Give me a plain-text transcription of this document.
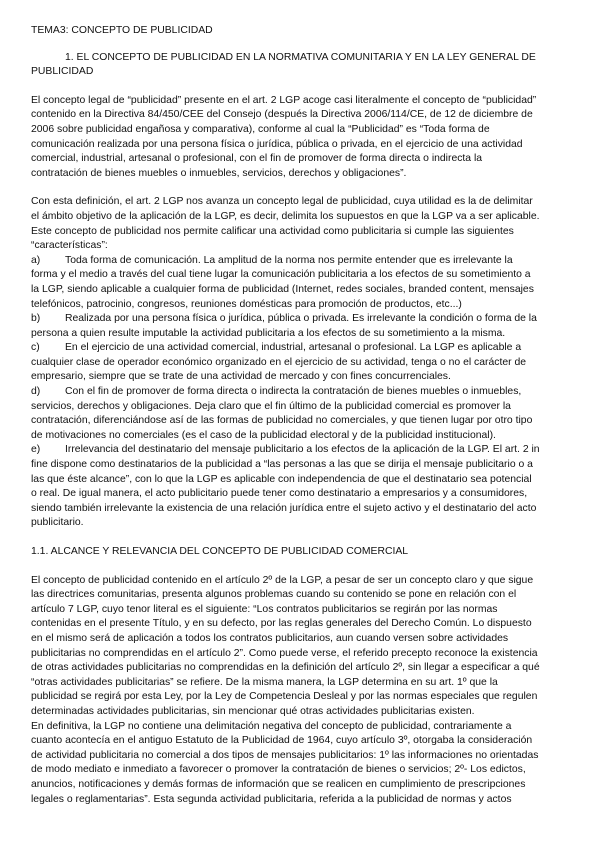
TEMA3: CONCEPTO DE PUBLICIDAD
1. EL CONCEPTO DE PUBLICIDAD EN LA NORMATIVA COMUNITARIA Y EN LA LEY GENERAL DE
PUBLICIDAD
El concepto legal de “publicidad” presente en el art. 2 LGP acoge casi literalmente el concepto de “publicidad”
contenido en la Directiva 84/450/CEE del Consejo (después la Directiva 2006/114/CE, de 12 de diciembre de
2006 sobre publicidad engañosa y comparativa), conforme al cual la “Publicidad” es “Toda forma de
comunicación realizada por una persona física o jurídica, pública o privada, en el ejercicio de una actividad
comercial, industrial, artesanal o profesional, con el fin de promover de forma directa o indirecta la
contratación de bienes muebles o inmuebles, servicios, derechos y obligaciones”.
Con esta definición, el art. 2 LGP nos avanza un concepto legal de publicidad, cuya utilidad es la de delimitar
el ámbito objetivo de la aplicación de la LGP, es decir, delimita los supuestos en que la LGP va a ser aplicable.
Este concepto de publicidad nos permite calificar una actividad como publicitaria si cumple las siguientes
“características”:
a) Toda forma de comunicación. La amplitud de la norma nos permite entender que es irrelevante la
forma y el medio a través del cual tiene lugar la comunicación publicitaria a los efectos de su sometimiento a
la LGP, siendo aplicable a cualquier forma de publicidad (Internet, redes sociales, branded content, mensajes
telefónicos, patrocinio, congresos, reuniones domésticas para promoción de productos, etc...)
b) Realizada por una persona física o jurídica, pública o privada. Es irrelevante la condición o forma de la
persona a quien resulte imputable la actividad publicitaria a los efectos de su sometimiento a la misma.
c) En el ejercicio de una actividad comercial, industrial, artesanal o profesional. La LGP es aplicable a
cualquier clase de operador económico organizado en el ejercicio de su actividad, tenga o no el carácter de
empresario, siempre que se trate de una actividad de mercado y con fines concurrenciales.
d) Con el fin de promover de forma directa o indirecta la contratación de bienes muebles o inmuebles,
servicios, derechos y obligaciones. Deja claro que el fin último de la publicidad comercial es promover la
contratación, diferenciándose así de las formas de publicidad no comerciales, y que tienen lugar por otro tipo
de motivaciones no comerciales (es el caso de la publicidad electoral y de la publicidad institucional).
e) Irrelevancia del destinatario del mensaje publicitario a los efectos de la aplicación de la LGP. El art. 2 in
fine dispone como destinatarios de la publicidad a “las personas a las que se dirija el mensaje publicitario o a
las que éste alcance”, con lo que la LGP es aplicable con independencia de que el destinatario sea potencial
o real. De igual manera, el acto publicitario puede tener como destinatario a empresarios y a consumidores,
siendo también irrelevante la existencia de una relación jurídica entre el sujeto activo y el destinatario del acto
publicitario.
1.1. ALCANCE Y RELEVANCIA DEL CONCEPTO DE PUBLICIDAD COMERCIAL
El concepto de publicidad contenido en el artículo 2º de la LGP, a pesar de ser un concepto claro y que sigue
las directrices comunitarias, presenta algunos problemas cuando su contenido se pone en relación con el
artículo 7 LGP, cuyo tenor literal es el siguiente: “Los contratos publicitarios se regirán por las normas
contenidas en el presente Título, y en su defecto, por las reglas generales del Derecho Común. Lo dispuesto
en el mismo será de aplicación a todos los contratos publicitarios, aun cuando versen sobre actividades
publicitarias no comprendidas en el artículo 2”. Como puede verse, el referido precepto reconoce la existencia
de otras actividades publicitarias no comprendidas en la definición del artículo 2º, sin llegar a especificar a qué
“otras actividades publicitarias” se refiere. De la misma manera, la LGP determina en su art. 1º que la
publicidad se regirá por esta Ley, por la Ley de Competencia Desleal y por las normas especiales que regulen
determinadas actividades publicitarias, sin mencionar qué otras actividades publicitarias existen.
En definitiva, la LGP no contiene una delimitación negativa del concepto de publicidad, contrariamente a
cuanto acontecía en el antiguo Estatuto de la Publicidad de 1964, cuyo artículo 3º, otorgaba la consideración
de actividad publicitaria no comercial a dos tipos de mensajes publicitarios: 1º las informaciones no orientadas
de modo mediato e inmediato a favorecer o promover la contratación de bienes o servicios; 2º- Los edictos,
anuncios, notificaciones y demás formas de información que se realicen en cumplimiento de prescripciones
legales o reglamentarias”. Esta segunda actividad publicitaria, referida a la publicidad de normas y actos
